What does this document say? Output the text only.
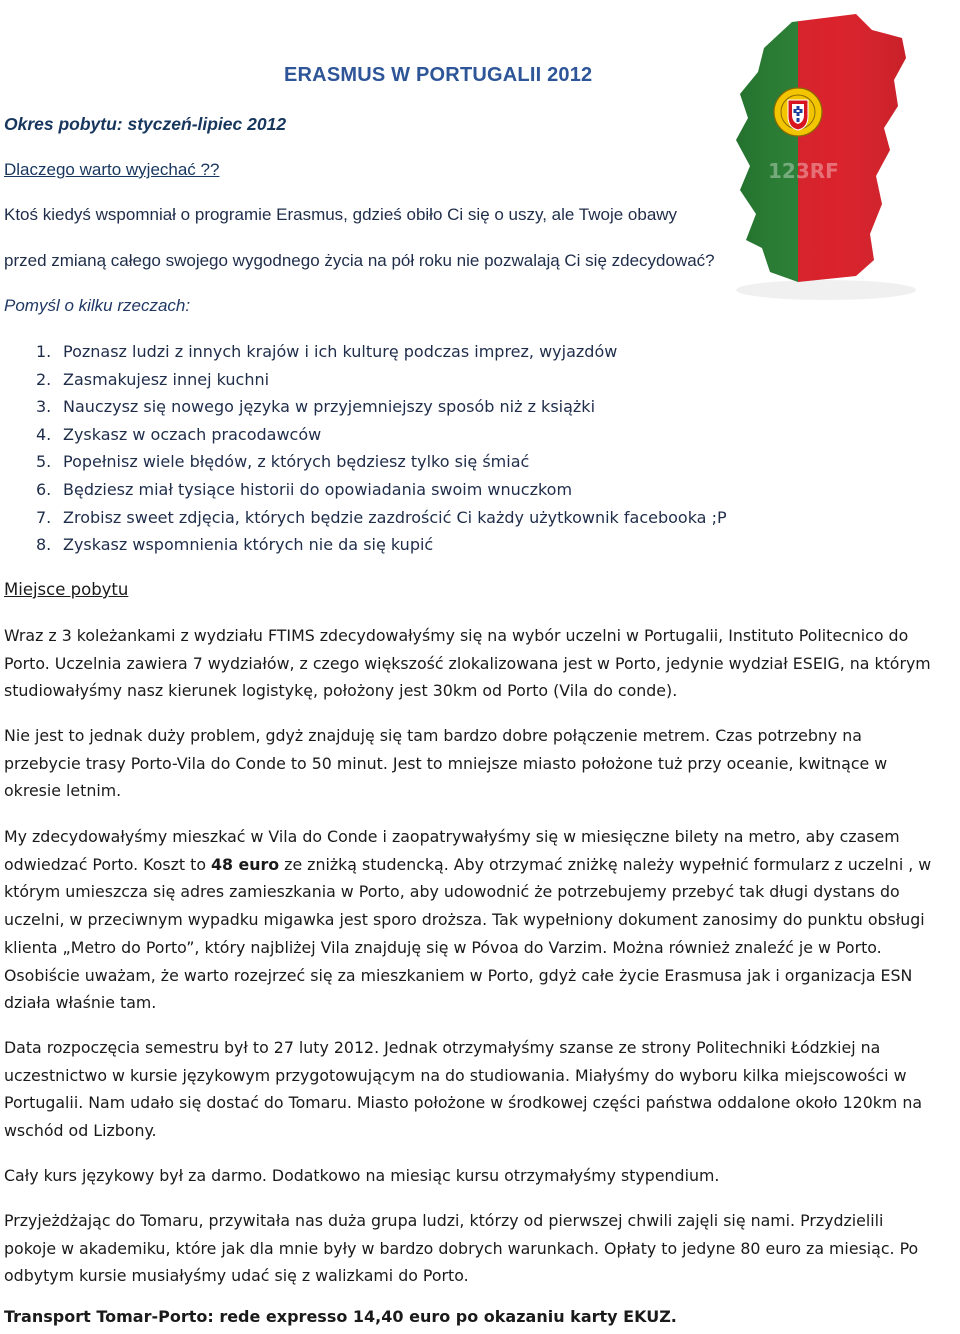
ERASMUS W PORTUGALII 2012
123RF
Okres pobytu: styczeń-lipiec 2012
Dlaczego warto wyjechać ??
Ktoś kiedyś wspomniał o programie Erasmus, gdzieś obiło Ci się o uszy, ale Twoje obawy
przed zmianą całego swojego wygodnego życia na pół roku nie pozwalają Ci się zdecydować?
Pomyśl o kilku rzeczach:
1. Poznasz ludzi z innych krajów i ich kulturę podczas imprez, wyjazdów
2. Zasmakujesz innej kuchni
3. Nauczysz się nowego języka w przyjemniejszy sposób niż z książki
4. Zyskasz w oczach pracodawców
5. Popełnisz wiele błędów, z których będziesz tylko się śmiać
6. Będziesz miał tysiące historii do opowiadania swoim wnuczkom
7. Zrobisz sweet zdjęcia, których będzie zazdrościć Ci każdy użytkownik facebooka ;P
8. Zyskasz wspomnienia których nie da się kupić
Miejsce pobytu

Wraz z 3 koleżankami z wydziału FTIMS zdecydowałyśmy się na wybór uczelni w Portugalii, Instituto Politecnico do Porto. Uczelnia zawiera 7 wydziałów, z czego większość zlokalizowana jest w Porto, jedynie wydział ESEIG, na którym studiowałyśmy nasz kierunek logistykę, położony jest 30km od Porto (Vila do conde).

Nie jest to jednak duży problem, gdyż znajduję się tam bardzo dobre połączenie metrem. Czas potrzebny na przebycie trasy Porto-Vila do Conde to 50 minut. Jest to mniejsze miasto położone tuż przy oceanie, kwitnące w okresie letnim.

My zdecydowałyśmy mieszkać w Vila do Conde i zaopatrywałyśmy się w miesięczne bilety na metro, aby czasem odwiedzać Porto. Koszt to 48 euro ze zniżką studencką. Aby otrzymać zniżkę należy wypełnić formularz z uczelni , w którym umieszcza się adres zamieszkania w Porto, aby udowodnić że potrzebujemy przebyć tak długi dystans do uczelni, w przeciwnym wypadku migawka jest sporo droższa. Tak wypełniony dokument zanosimy do punktu obsługi klienta „Metro do Porto”, który najbliżej Vila znajduję się w Póvoa do Varzim. Można również znaleźć je w Porto. Osobiście uważam, że warto rozejrzeć się za mieszkaniem w Porto, gdyż całe życie Erasmusa jak i organizacja ESN działa właśnie tam.

Data rozpoczęcia semestru był to 27 luty 2012. Jednak otrzymałyśmy szanse ze strony Politechniki Łódzkiej na uczestnictwo w kursie językowym przygotowującym na do studiowania. Miałyśmy do wyboru kilka miejscowości w Portugalii. Nam udało się dostać do Tomaru. Miasto położone w środkowej części państwa oddalone około 120km na wschód od Lizbony.

Cały kurs językowy był za darmo. Dodatkowo na miesiąc kursu otrzymałyśmy stypendium.

Przyjeżdżając do Tomaru, przywitała nas duża grupa ludzi, którzy od pierwszej chwili zajęli się nami. Przydzielili pokoje w akademiku, które jak dla mnie były w bardzo dobrych warunkach. Opłaty to jedyne 80 euro za miesiąc. Po odbytym kursie musiałyśmy udać się z walizkami do Porto.

Transport Tomar-Porto: rede expresso 14,40 euro po okazaniu karty EKUZ.
